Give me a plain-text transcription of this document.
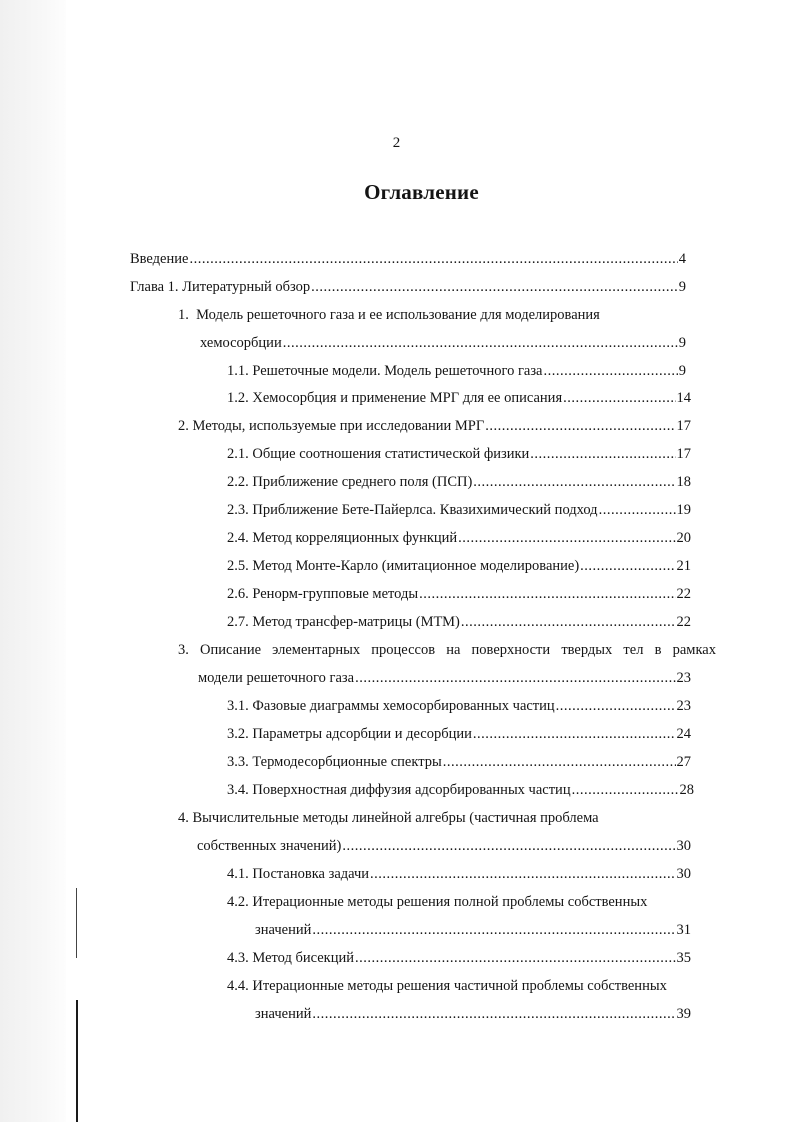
2
Оглавление
Введение .....	4
Глава 1. Литературный обзор .....	9
1. Модель решеточного газа и ее использование для моделирования
хемосорбции .....	9
1.1. Решеточные модели. Модель решеточного газа .....	9
1.2. Хемосорбция и применение МРГ для ее описания .....	14
2. Методы, используемые при исследовании МРГ .....	17
2.1. Общие соотношения статистической физики .....	17
2.2. Приближение среднего поля (ПСП) .....	18
2.3. Приближение Бете-Пайерлса. Квазихимический подход .....	19
2.4. Метод корреляционных функций .....	20
2.5. Метод Монте-Карло (имитационное моделирование) .....	21
2.6. Ренорм-групповые методы .....	22
2.7. Метод трансфер-матрицы (МТМ) .....	22
3. Описание элементарных процессов на поверхности твердых тел в рамках
модели решеточного газа .....	23
3.1. Фазовые диаграммы хемосорбированных частиц .....	23
3.2. Параметры адсорбции и десорбции .....	24
3.3. Термодесорбционные спектры .....	27
3.4. Поверхностная диффузия адсорбированных частиц .....	28
4. Вычислительные методы линейной алгебры (частичная проблема
собственных значений) .....	30
4.1. Постановка задачи .....	30
4.2. Итерационные методы решения полной проблемы собственных
значений .....	31
4.3. Метод бисекций .....	35
4.4. Итерационные методы решения частичной проблемы собственных
значений .....	39
